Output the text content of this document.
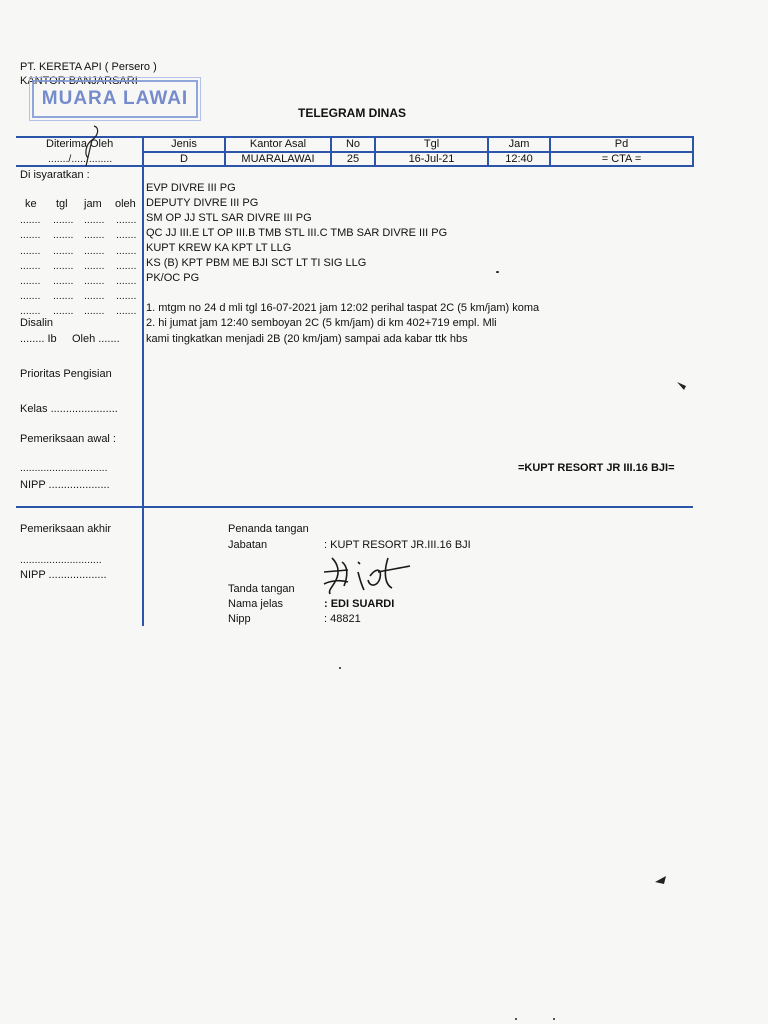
PT. KERETA API ( Persero )
KANTOR BANJARSARI
MUARA LAWAI
TELEGRAM DINAS
Diterima Oleh
......./..............
Jenis	Kantor Asal	No	Tgl	Jam	Pd
D	MUARALAWAI	25	16-Jul-21	12:40	= CTA =
Di isyaratkan :
ke tgl jam oleh
....... ....... ....... .......
....... ....... ....... .......
....... ....... ....... .......
....... ....... ....... .......
....... ....... ....... .......
....... ....... ....... .......
....... ....... ....... .......
Disalin
........ Ib     Oleh .......
Prioritas Pengisian
Kelas ......................
Pemeriksaan awal :
..............................
NIPP ....................
Pemeriksaan akhir
............................
NIPP ...................
EVP DIVRE III PG
DEPUTY DIVRE III PG
SM OP JJ STL SAR DIVRE III PG
QC JJ III.E LT OP III.B TMB STL III.C TMB SAR DIVRE III PG
KUPT KREW KA KPT LT LLG
KS (B) KPT PBM ME BJI SCT LT TI SIG LLG
PK/OC PG
1. mtgm no 24 d mli tgl 16-07-2021 jam 12:02 perihal taspat 2C (5 km/jam) koma
2. hi jumat jam 12:40 semboyan 2C (5 km/jam) di km 402+719 empl. Mli
kami tingkatkan menjadi 2B (20 km/jam) sampai ada kabar ttk hbs
=KUPT RESORT JR III.16 BJI=
Penanda tangan
Jabatan	: KUPT RESORT JR.III.16 BJI
Tanda tangan
Nama jelas	: EDI SUARDI
Nipp	: 48821
